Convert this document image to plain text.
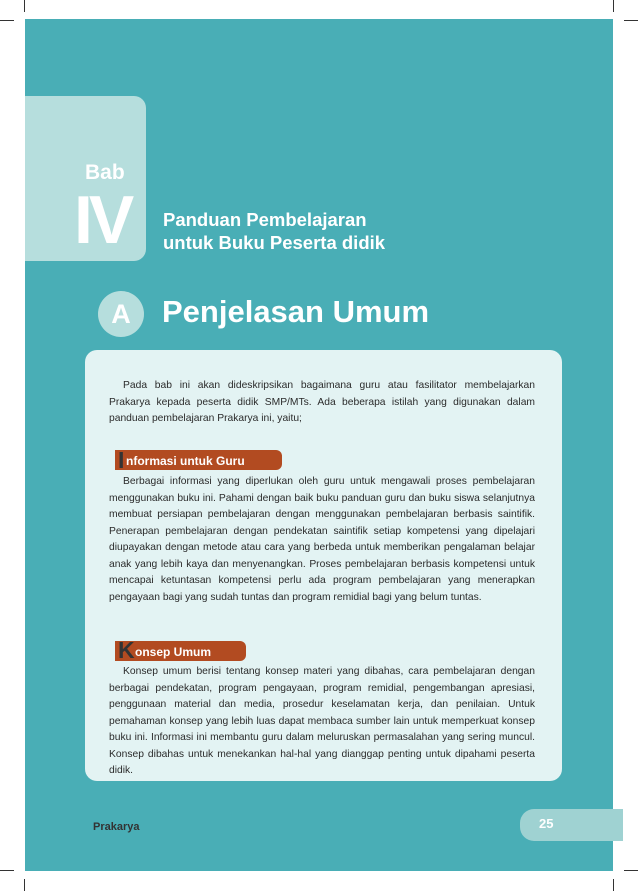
Bab
IV Panduan Pembelajaran
untuk Buku Peserta didik
A	Penjelasan Umum

Pada bab ini akan dideskripsikan bagaimana guru atau fasilitator membelajarkan Prakarya kepada peserta didik SMP/MTs. Ada beberapa istilah yang digunakan dalam panduan pembelajaran Prakarya ini, yaitu;

I nformasi untuk Guru

Berbagai informasi yang diperlukan oleh guru untuk mengawali proses pembelajaran menggunakan buku ini. Pahami dengan baik buku panduan guru dan buku siswa selanjutnya membuat persiapan pembelajaran dengan menggunakan pembelajaran berbasis saintifik. Penerapan pembelajaran dengan pendekatan saintifik setiap kompetensi yang dipelajari diupayakan dengan metode atau cara yang berbeda untuk memberikan pengalaman belajar anak yang lebih kaya dan menyenangkan. Proses pembelajaran berbasis kompetensi untuk mencapai ketuntasan kompetensi perlu ada program pembelajaran yang menerapkan pengayaan bagi yang sudah tuntas dan program remidial bagi yang belum tuntas.

K onsep Umum

Konsep umum berisi tentang konsep materi yang dibahas, cara pembelajaran dengan berbagai pendekatan, program pengayaan, program remidial, pengembangan apresiasi, penggunaan material dan media, prosedur keselamatan kerja, dan penilaian. Untuk pemahaman konsep yang lebih luas dapat membaca sumber lain untuk memperkuat konsep buku ini. Informasi ini membantu guru dalam meluruskan permasalahan yang sering muncul. Konsep dibahas untuk menekankan hal-hal yang dianggap penting untuk dipahami peserta didik.

Prakarya	25
